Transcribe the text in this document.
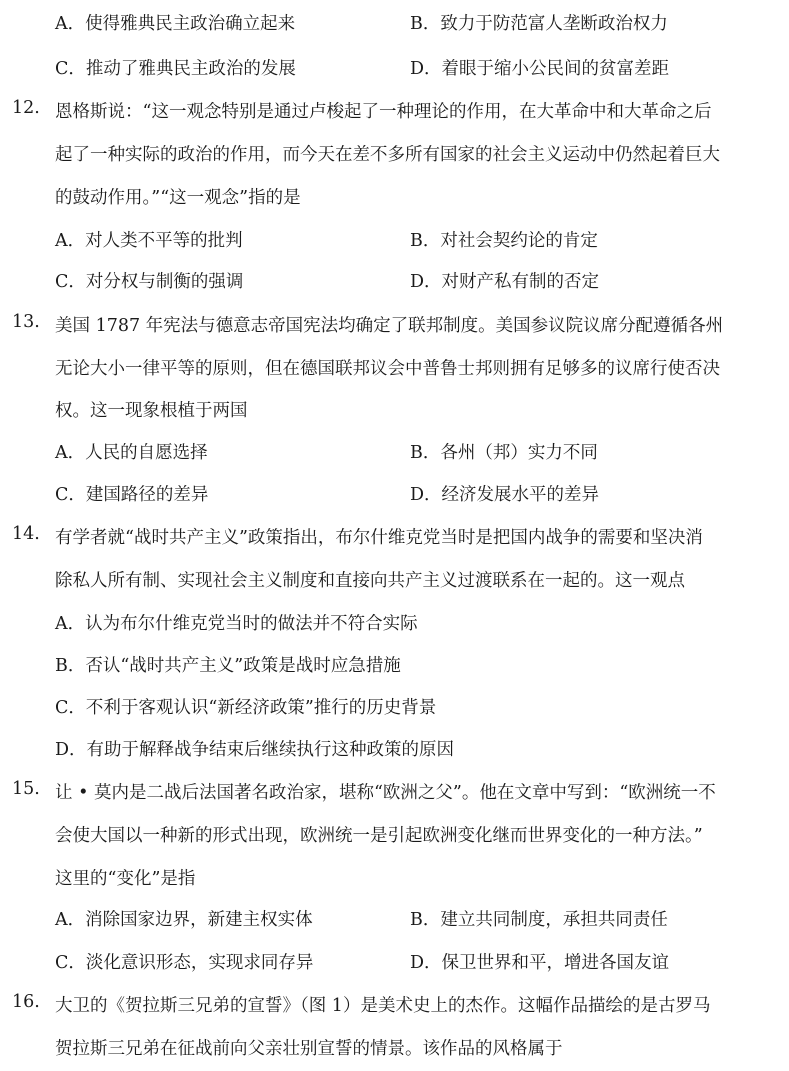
A．使得雅典民主政治确立起来	B．致力于防范富人垄断政治权力
C．推动了雅典民主政治的发展	D．着眼于缩小公民间的贫富差距
12. 恩格斯说：“这一观念特别是通过卢梭起了一种理论的作用，在大革命中和大革命之后
起了一种实际的政治的作用，而今天在差不多所有国家的社会主义运动中仍然起着巨大
的鼓动作用。”“这一观念”指的是
A．对人类不平等的批判	B．对社会契约论的肯定
C．对分权与制衡的强调	D．对财产私有制的否定
13. 美国 1787 年宪法与德意志帝国宪法均确定了联邦制度。美国参议院议席分配遵循各州
无论大小一律平等的原则，但在德国联邦议会中普鲁士邦则拥有足够多的议席行使否决
权。这一现象根植于两国
A．人民的自愿选择	B．各州（邦）实力不同
C．建国路径的差异	D．经济发展水平的差异
14. 有学者就“战时共产主义”政策指出，布尔什维克党当时是把国内战争的需要和坚决消
除私人所有制、实现社会主义制度和直接向共产主义过渡联系在一起的。这一观点
A．认为布尔什维克党当时的做法并不符合实际
B．否认“战时共产主义”政策是战时应急措施
C．不利于客观认识“新经济政策”推行的历史背景
D．有助于解释战争结束后继续执行这种政策的原因
15. 让 • 莫内是二战后法国著名政治家，堪称“欧洲之父”。他在文章中写到：“欧洲统一不
会使大国以一种新的形式出现，欧洲统一是引起欧洲变化继而世界变化的一种方法。”
这里的“变化”是指
A．消除国家边界，新建主权实体	B．建立共同制度，承担共同责任
C．淡化意识形态，实现求同存异	D．保卫世界和平，增进各国友谊
16. 大卫的《贺拉斯三兄弟的宣誓》（图 1）是美术史上的杰作。这幅作品描绘的是古罗马
贺拉斯三兄弟在征战前向父亲壮别宣誓的情景。该作品的风格属于
